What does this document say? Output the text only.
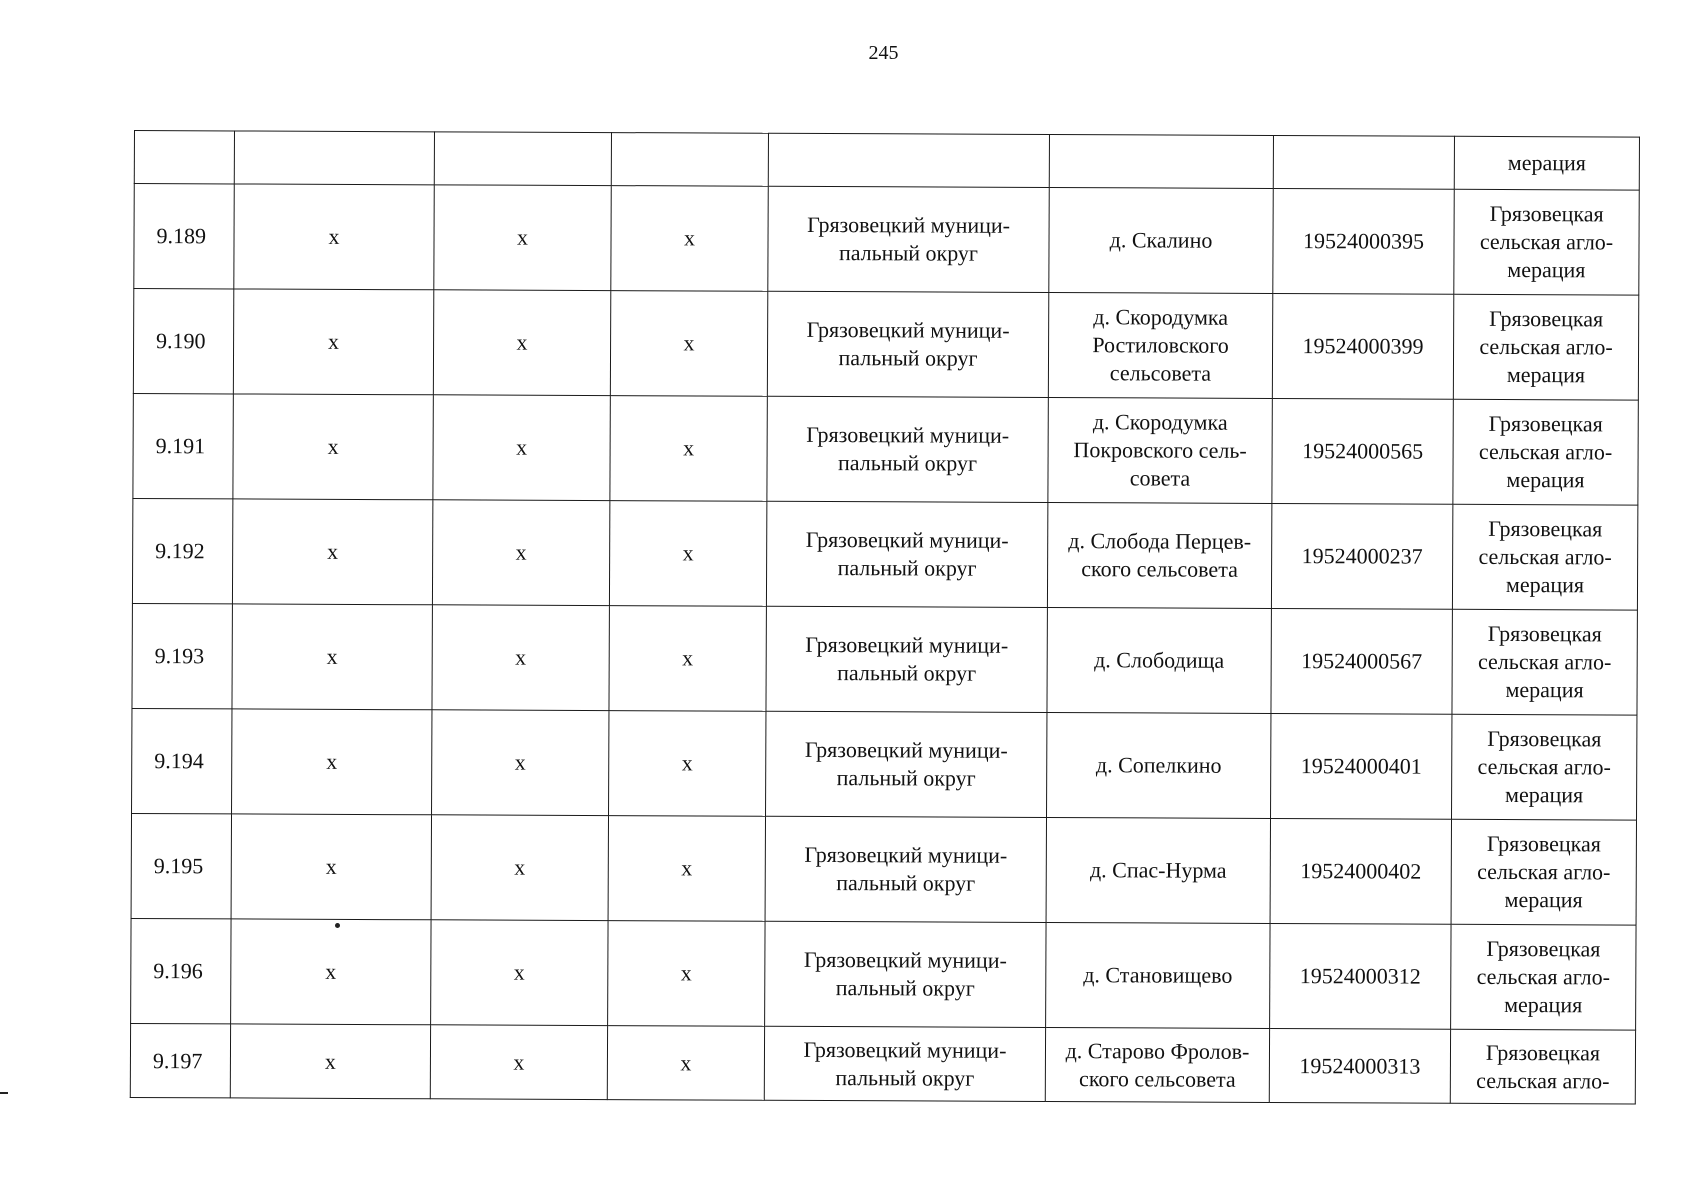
245
							мерация
9.189	x	x	x	Грязовецкий муници-
пальный округ	д. Скалино	19524000395	Грязовецкая
сельская агло-
мерация
9.190	x	x	x	Грязовецкий муници-
пальный округ	д. Скородумка
Ростиловского
сельсовета	19524000399	Грязовецкая
сельская агло-
мерация
9.191	x	x	x	Грязовецкий муници-
пальный округ	д. Скородумка
Покровского сель-
совета	19524000565	Грязовецкая
сельская агло-
мерация
9.192	x	x	x	Грязовецкий муници-
пальный округ	д. Слобода Перцев-
ского сельсовета	19524000237	Грязовецкая
сельская агло-
мерация
9.193	x	x	x	Грязовецкий муници-
пальный округ	д. Слободища	19524000567	Грязовецкая
сельская агло-
мерация
9.194	x	x	x	Грязовецкий муници-
пальный округ	д. Сопелкино	19524000401	Грязовецкая
сельская агло-
мерация
9.195	x	x	x	Грязовецкий муници-
пальный округ	д. Спас-Нурма	19524000402	Грязовецкая
сельская агло-
мерация
9.196	x	x	x	Грязовецкий муници-
пальный округ	д. Становищево	19524000312	Грязовецкая
сельская агло-
мерация
9.197	x	x	x	Грязовецкий муници-
пальный округ	д. Старово Фролов-
ского сельсовета	19524000313	Грязовецкая
сельская агло-
